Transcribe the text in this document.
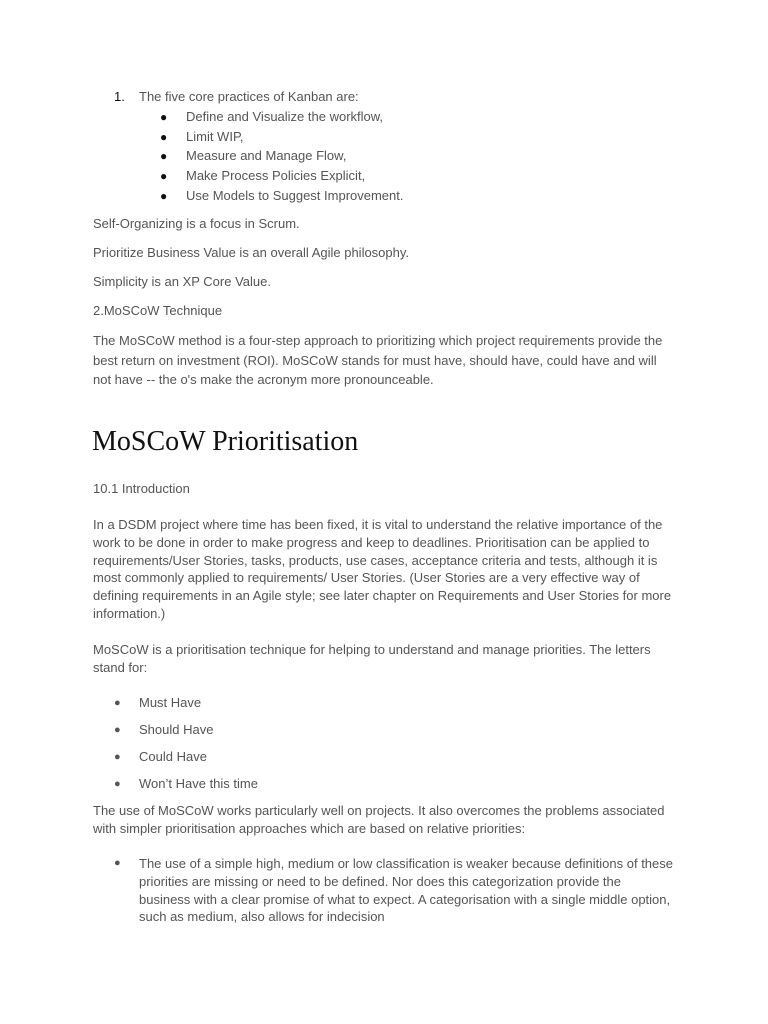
1.	The five core practices of Kanban are:
●	Define and Visualize the workflow,
●	Limit WIP,
●	Measure and Manage Flow,
●	Make Process Policies Explicit,
●	Use Models to Suggest Improvement.
Self-Organizing is a focus in Scrum.
Prioritize Business Value is an overall Agile philosophy.
Simplicity is an XP Core Value.
2.MoSCoW Technique
The MoSCoW method is a four-step approach to prioritizing which project requirements provide the best return on investment (ROI). MoSCoW stands for must have, should have, could have and will not have -- the o's make the acronym more pronounceable.
MoSCoW Prioritisation
10.1 Introduction
In a DSDM project where time has been fixed, it is vital to understand the relative importance of the work to be done in order to make progress and keep to deadlines. Prioritisation can be applied to requirements/User Stories, tasks, products, use cases, acceptance criteria and tests, although it is most commonly applied to requirements/ User Stories. (User Stories are a very effective way of defining requirements in an Agile style; see later chapter on Requirements and User Stories for more information.)
MoSCoW is a prioritisation technique for helping to understand and manage priorities. The letters stand for:
●	Must Have
●	Should Have
●	Could Have
●	Won’t Have this time
The use of MoSCoW works particularly well on projects. It also overcomes the problems associated with simpler prioritisation approaches which are based on relative priorities:
●	The use of a simple high, medium or low classification is weaker because definitions of these priorities are missing or need to be defined. Nor does this categorization provide the business with a clear promise of what to expect. A categorisation with a single middle option, such as medium, also allows for indecision
